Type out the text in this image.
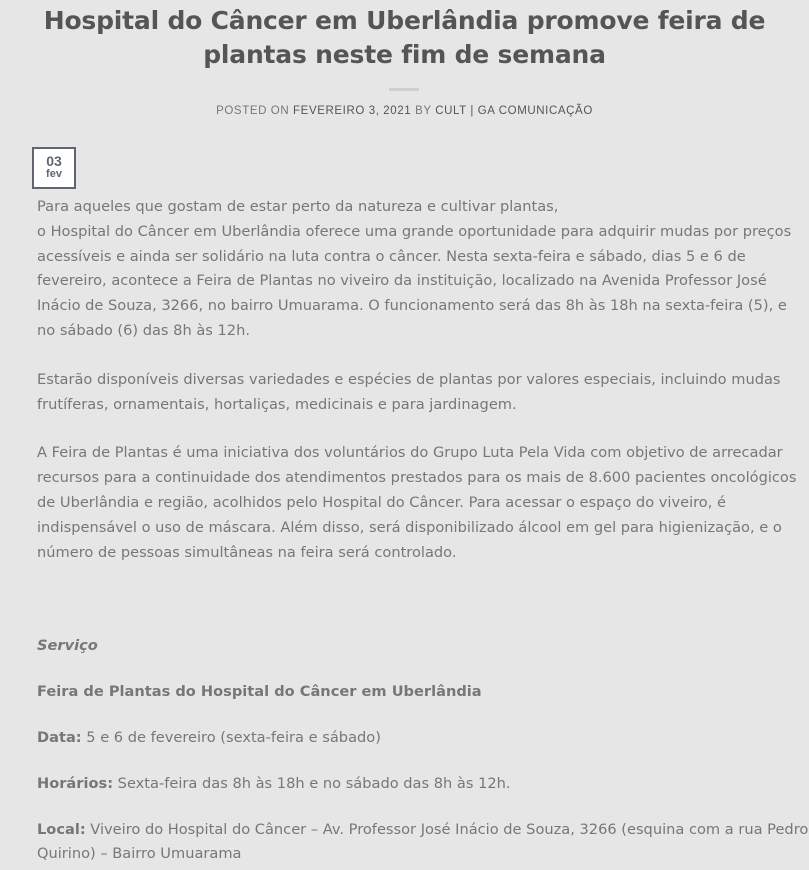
Hospital do Câncer em Uberlândia promove feira de plantas neste fim de semana
POSTED ON FEVEREIRO 3, 2021 BY CULT | GA COMUNICAÇÃO
03
fev

Para aqueles que gostam de estar perto da natureza e cultivar plantas,
o Hospital do Câncer em Uberlândia oferece uma grande oportunidade para adquirir mudas por preços acessíveis e ainda ser solidário na luta contra o câncer. Nesta sexta-feira e sábado, dias 5 e 6 de fevereiro, acontece a Feira de Plantas no viveiro da instituição, localizado na Avenida Professor José Inácio de Souza, 3266, no bairro Umuarama. O funcionamento será das 8h às 18h na sexta-feira (5), e no sábado (6) das 8h às 12h.

Estarão disponíveis diversas variedades e espécies de plantas por valores especiais, incluindo mudas frutíferas, ornamentais, hortaliças, medicinais e para jardinagem.

A Feira de Plantas é uma iniciativa dos voluntários do Grupo Luta Pela Vida com objetivo de arrecadar recursos para a continuidade dos atendimentos prestados para os mais de 8.600 pacientes oncológicos de Uberlândia e região, acolhidos pelo Hospital do Câncer. Para acessar o espaço do viveiro, é indispensável o uso de máscara. Além disso, será disponibilizado álcool em gel para higienização, e o número de pessoas simultâneas na feira será controlado.

Serviço

Feira de Plantas do Hospital do Câncer em Uberlândia

Data: 5 e 6 de fevereiro (sexta-feira e sábado)

Horários: Sexta-feira das 8h às 18h e no sábado das 8h às 12h.

Local: Viveiro do Hospital do Câncer – Av. Professor José Inácio de Souza, 3266 (esquina com a rua Pedro Quirino) – Bairro Umuarama
